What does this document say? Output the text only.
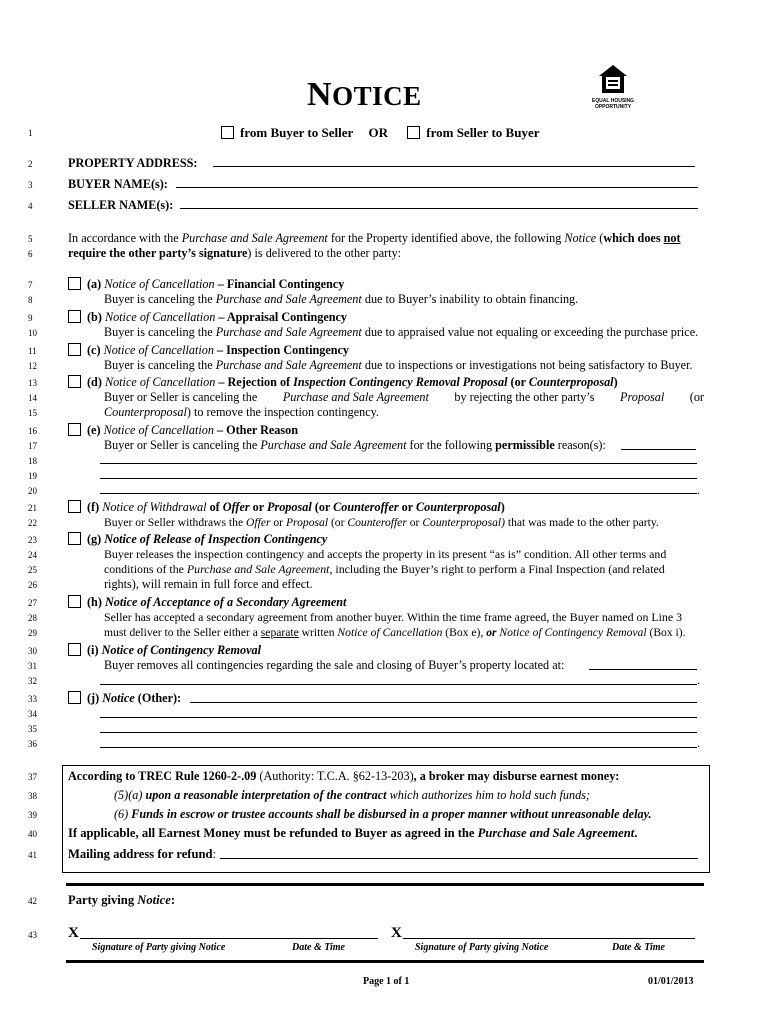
NOTICE	EQUAL HOUSING
OPPORTUNITY
1
2
3
4
5
6
7
8
9
10
11
12
13
14
15
16
17
18
19
20
21
22
23
24
25
26
27
28
29
30
31
32
33
34
35
36
37
38
39
40
41
42
43
from Buyer to Seller OR	from Seller to Buyer
PROPERTY ADDRESS:
BUYER NAME(s):
SELLER NAME(s):
In accordance with the Purchase and Sale Agreement for the Property identified above, the following Notice (which does not
require the other party’s signature) is delivered to the other party:
(a) Notice of Cancellation – Financial Contingency
Buyer is canceling the Purchase and Sale Agreement due to Buyer’s inability to obtain financing.
(b) Notice of Cancellation – Appraisal Contingency
Buyer is canceling the Purchase and Sale Agreement due to appraised value not equaling or exceeding the purchase price.
(c) Notice of Cancellation – Inspection Contingency
Buyer is canceling the Purchase and Sale Agreement due to inspections or investigations not being satisfactory to Buyer.
(d) Notice of Cancellation – Rejection of Inspection Contingency Removal Proposal (or Counterproposal)
Buyer or Seller is canceling the Purchase and Sale Agreement by rejecting the other party’s Proposal (or
Counterproposal) to remove the inspection contingency.
(e) Notice of Cancellation – Other Reason
Buyer or Seller is canceling the Purchase and Sale Agreement for the following permissible reason(s):
.
(f) Notice of Withdrawal of Offer or Proposal (or Counteroffer or Counterproposal)
Buyer or Seller withdraws the Offer or Proposal (or Counteroffer or Counterproposal) that was made to the other party.
(g) Notice of Release of Inspection Contingency
Buyer releases the inspection contingency and accepts the property in its present “as is” condition. All other terms and
conditions of the Purchase and Sale Agreement, including the Buyer’s right to perform a Final Inspection (and related
rights), will remain in full force and effect.
(h) Notice of Acceptance of a Secondary Agreement
Seller has accepted a secondary agreement from another buyer. Within the time frame agreed, the Buyer named on Line 3
must deliver to the Seller either a separate written Notice of Cancellation (Box e), or Notice of Contingency Removal (Box i).
(i) Notice of Contingency Removal
Buyer removes all contingencies regarding the sale and closing of Buyer’s property located at:
.
(j) Notice (Other):
.
According to TREC Rule 1260-2-.09 (Authority: T.C.A. §62-13-203), a broker may disburse earnest money:
(5)(a) upon a reasonable interpretation of the contract which authorizes him to hold such funds;
(6) Funds in escrow or trustee accounts shall be disbursed in a proper manner without unreasonable delay.
If applicable, all Earnest Money must be refunded to Buyer as agreed in the Purchase and Sale Agreement.
Mailing address for refund:
Party giving Notice:
X	X
Signature of Party giving Notice	Date & Time	Signature of Party giving Notice	Date & Time
Page 1 of 1	01/01/2013
